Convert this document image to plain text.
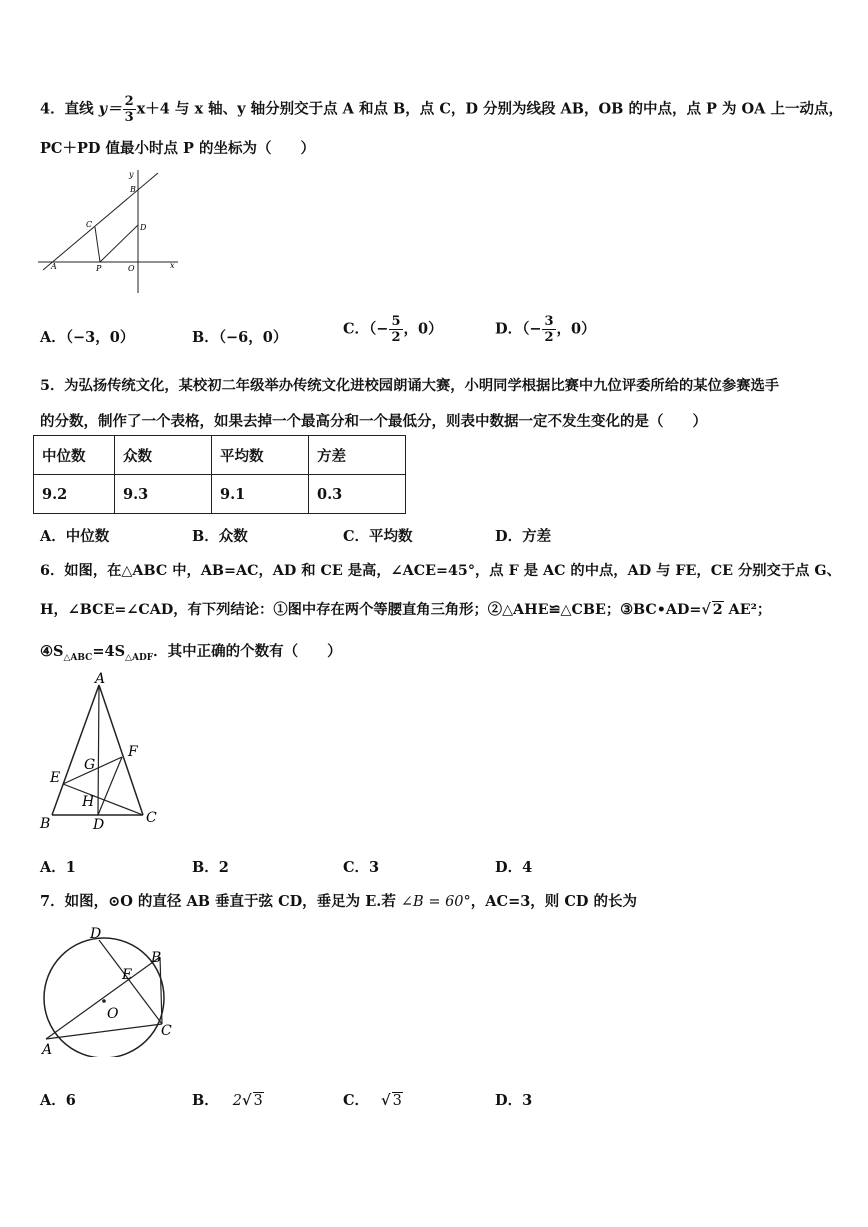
4．直线 $y= \frac{2}{3} x+4$ 与 x 轴、y 轴分别交于点 A 和点 B，点 C，D 分别为线段 AB，OB 的中点，点 P 为 OA 上一动点，
PC＋PD 值最小时点 P 的坐标为（　　）
y
x
A
B
C	D
P	O
A．（−3，0）	B．（−6，0）	C．（− $\frac{5}{2}$ ，0）	D．（− $\frac{3}{2}$ ，0）
5．为弘扬传统文化，某校初二年级举办传统文化进校园朗诵大赛，小明同学根据比赛中九位评委所给的某位参赛选手
的分数，制作了一个表格，如果去掉一个最高分和一个最低分，则表中数据一定不发生变化的是（　　）
中位数	众数	平均数	方差
9.2	9.3	9.1	0.3
A．中位数	B．众数	C．平均数	D．方差
6．如图，在△ABC 中，AB=AC，AD 和 CE 是高，∠ACE=45°，点 F 是 AC 的中点，AD 与 FE，CE 分别交于点 G、
H，∠BCE=∠CAD，有下列结论：①图中存在两个等腰直角三角形；②△AHE≌△CBE；③BC•AD=√ 2 AE²；
$④S_{\triangle ABC}=4S_{\triangle ADF}$．其中正确的个数有（　　）
A
B	C
D
E
F
G
H
A．1	B．2	C．3	D．4
7．如图，⊙O 的直径 AB 垂直于弦 CD，垂足为 E.若 ∠B = 60°，AC=3，则 CD 的长为
D
B
E
O
C
A
A．6	B． 2√ 3	C． √ 3	D．3
